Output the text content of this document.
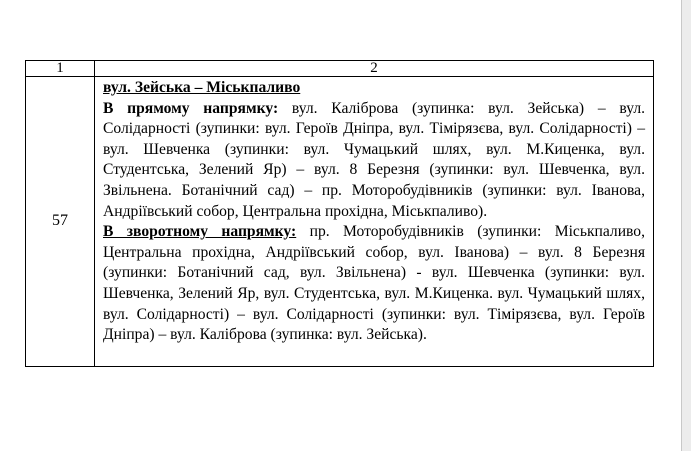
1	2
57	вул. Зейська – Міськпаливо

В прямому напрямку: вул. Каліброва (зупинка: вул. Зейська) – вул. Солідарності (зупинки: вул. Героїв Дніпра, вул. Тімірязєва, вул. Солідарності) – вул. Шевченка (зупинки: вул. Чумацький шлях, вул. М.Киценка, вул. Студентська, Зелений Яр) – вул. 8 Березня (зупинки: вул. Шевченка, вул. Звільнена. Ботанічний сад) – пр. Моторобудівників (зупинки: вул. Іванова, Андріївський собор, Центральна прохідна, Міськпаливо).

В зворотному напрямку: пр. Моторобудівників (зупинки: Міськпаливо, Центральна прохідна, Андріївський собор, вул. Іванова) – вул. 8 Березня (зупинки: Ботанічний сад, вул. Звільнена) - вул. Шевченка (зупинки: вул. Шевченка, Зелений Яр, вул. Студентська, вул. М.Киценка. вул. Чумацький шлях, вул. Солідарності) – вул. Солідарності (зупинки: вул. Тімірязєва, вул. Героїв Дніпра) – вул. Каліброва (зупинка: вул. Зейська).
